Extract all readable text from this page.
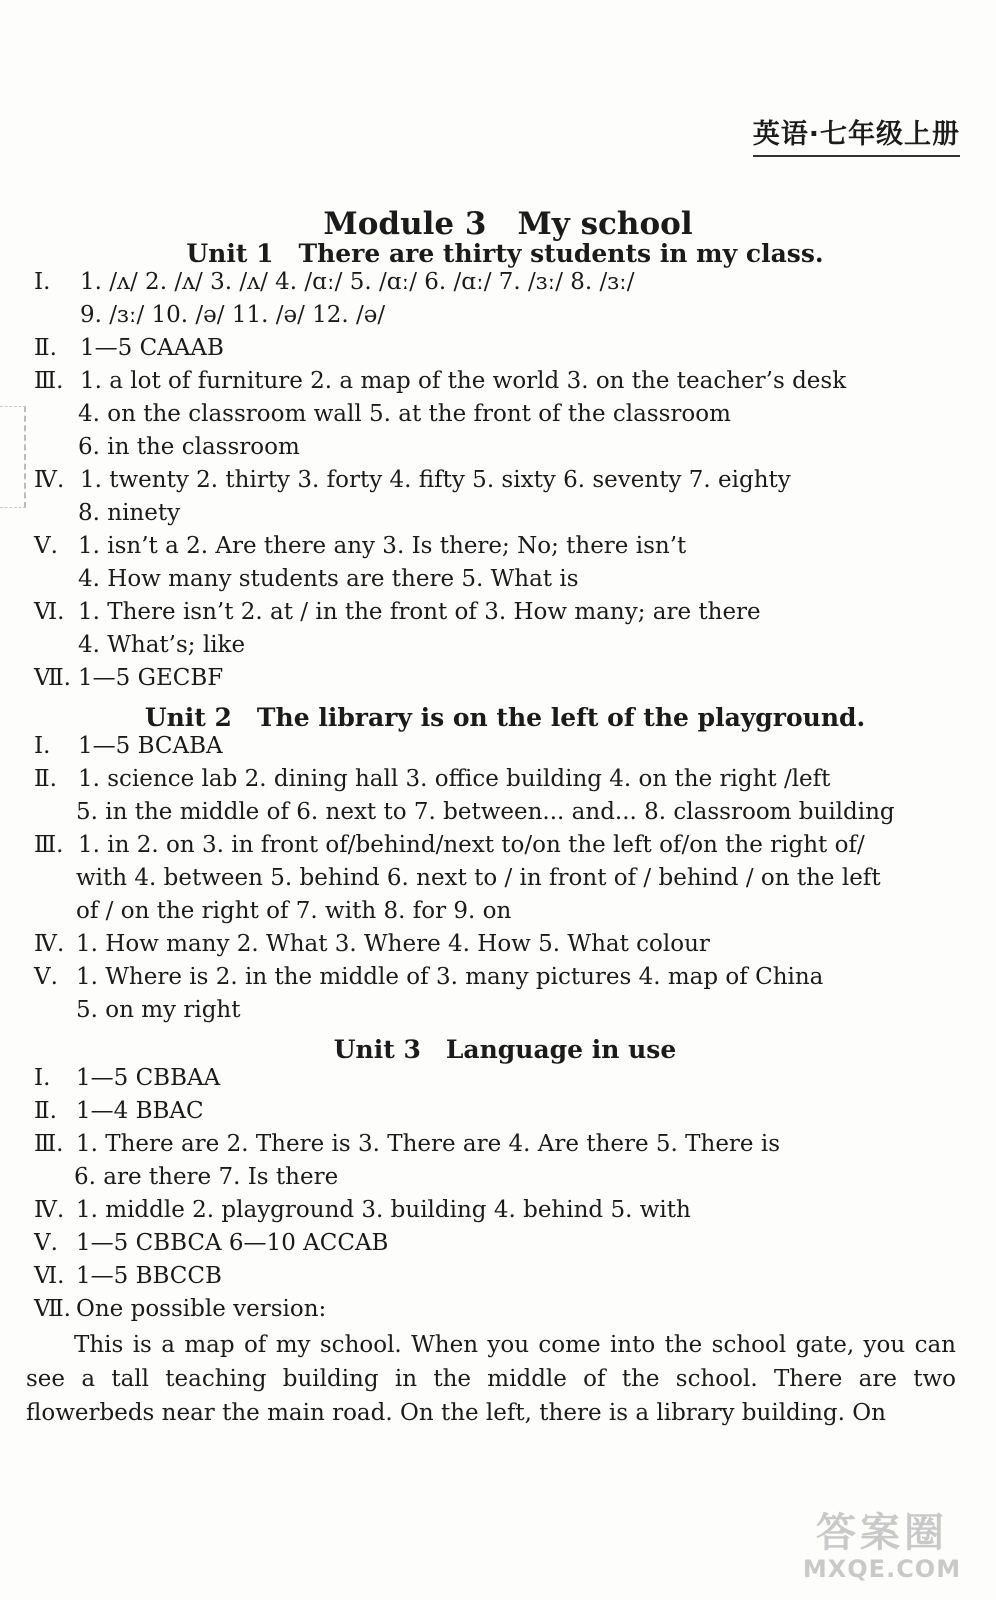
英语·七年级上册
Module 3　My school
Unit 1　There are thirty students in my class.
Ⅰ. 1. /ʌ/ 2. /ʌ/ 3. /ʌ/ 4. /ɑː/ 5. /ɑː/ 6. /ɑː/ 7. /ɜː/ 8. /ɜː/
9. /ɜː/ 10. /ə/ 11. /ə/ 12. /ə/
Ⅱ. 1—5 CAAAB
Ⅲ. 1. a lot of furniture 2. a map of the world 3. on the teacher’s desk
4. on the classroom wall 5. at the front of the classroom
6. in the classroom
Ⅳ. 1. twenty 2. thirty 3. forty 4. fifty 5. sixty 6. seventy 7. eighty
8. ninety
Ⅴ. 1. isn’t a 2. Are there any 3. Is there; No; there isn’t
4. How many students are there 5. What is
Ⅵ. 1. There isn’t 2. at / in the front of 3. How many; are there
4. What’s; like
Ⅶ. 1—5 GECBF
Unit 2　The library is on the left of the playground.
Ⅰ. 1—5 BCABA
Ⅱ. 1. science lab 2. dining hall 3. office building 4. on the right /left
5. in the middle of 6. next to 7. between... and... 8. classroom building
Ⅲ. 1. in 2. on 3. in front of/behind/next to/on the left of/on the right of/
with 4. between 5. behind 6. next to / in front of / behind / on the left
of / on the right of 7. with 8. for 9. on
Ⅳ. 1. How many 2. What 3. Where 4. How 5. What colour
Ⅴ. 1. Where is 2. in the middle of 3. many pictures 4. map of China
5. on my right
Unit 3　Language in use
Ⅰ. 1—5 CBBAA
Ⅱ. 1—4 BBAC
Ⅲ. 1. There are 2. There is 3. There are 4. Are there 5. There is
6. are there 7. Is there
Ⅳ. 1. middle 2. playground 3. building 4. behind 5. with
Ⅴ. 1—5 CBBCA 6—10 ACCAB
Ⅵ. 1—5 BBCCB
Ⅶ. One possible version:

This is a map of my school. When you come into the school gate, you can see a tall teaching building in the middle of the school. There are two flowerbeds near the main road. On the left, there is a library building. On

答案圈
MXQE.COM
